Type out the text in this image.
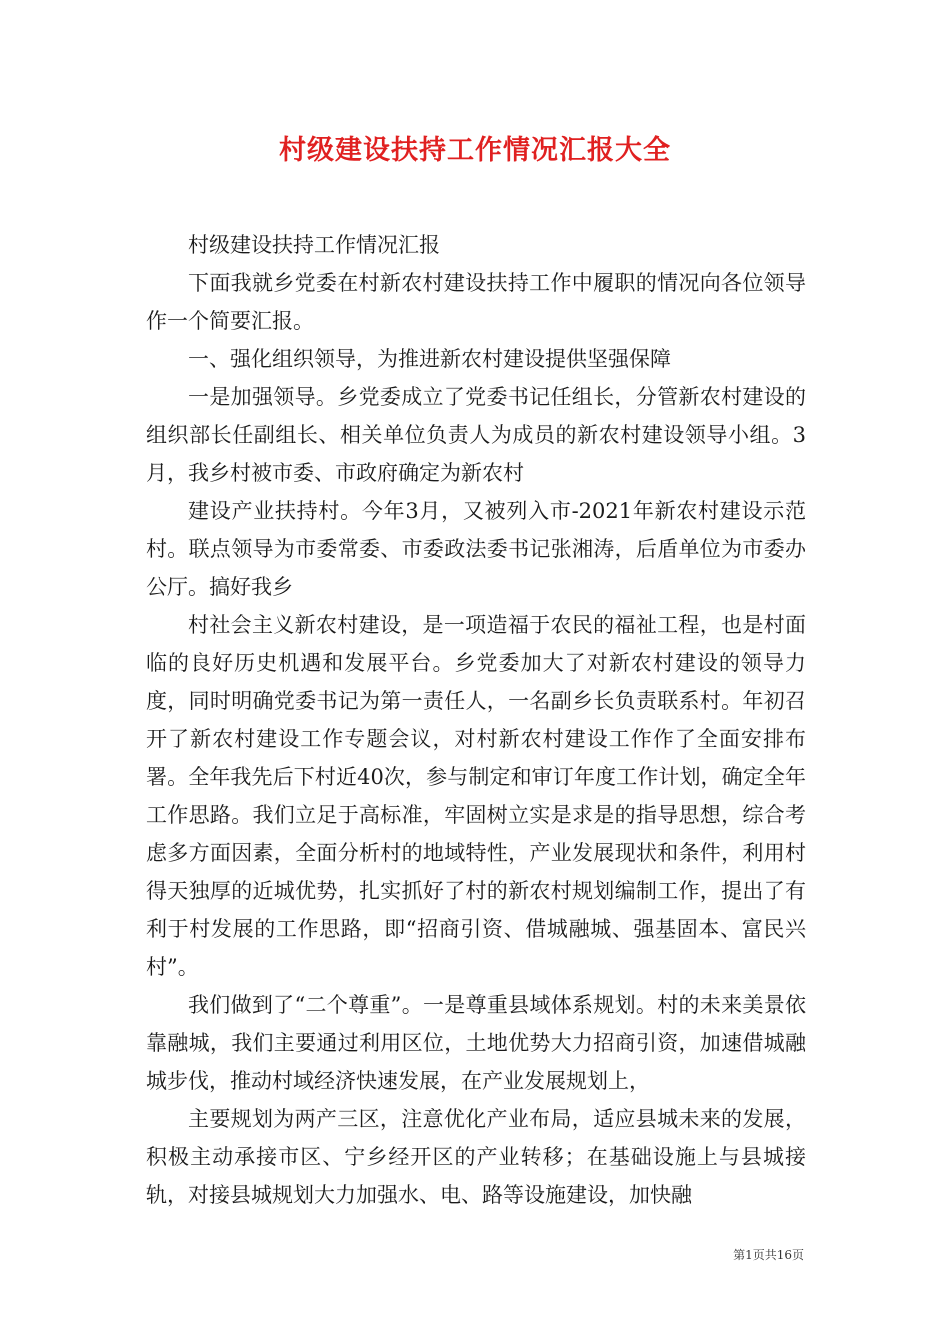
村级建设扶持工作情况汇报大全

村级建设扶持工作情况汇报

下面我就乡党委在村新农村建设扶持工作中履职的情况向各位领导作一个简要汇报。

一、强化组织领导，为推进新农村建设提供坚强保障

一是加强领导。乡党委成立了党委书记任组长，分管新农村建设的组织部长任副组长、相关单位负责人为成员的新农村建设领导小组。3月，我乡村被市委、市政府确定为新农村

建设产业扶持村。今年3月，又被列入市-2021年新农村建设示范村。联点领导为市委常委、市委政法委书记张湘涛，后盾单位为市委办公厅。搞好我乡

村社会主义新农村建设，是一项造福于农民的福祉工程，也是村面临的良好历史机遇和发展平台。乡党委加大了对新农村建设的领导力度，同时明确党委书记为第一责任人，一名副乡长负责联系村。年初召开了新农村建设工作专题会议，对村新农村建设工作作了全面安排布署。全年我先后下村近40次，参与制定和审订年度工作计划，确定全年工作思路。我们立足于高标准，牢固树立实是求是的指导思想，综合考虑多方面因素，全面分析村的地域特性，产业发展现状和条件，利用村得天独厚的近城优势，扎实抓好了村的新农村规划编制工作，提出了有利于村发展的工作思路，即“招商引资、借城融城、强基固本、富民兴村”。

我们做到了“二个尊重”。一是尊重县域体系规划。村的未来美景依靠融城，我们主要通过利用区位，土地优势大力招商引资，加速借城融城步伐，推动村域经济快速发展，在产业发展规划上，

主要规划为两产三区，注意优化产业布局，适应县城未来的发展，积极主动承接市区、宁乡经开区的产业转移；在基础设施上与县城接轨，对接县城规划大力加强水、电、路等设施建设，加快融

第1页共16页
